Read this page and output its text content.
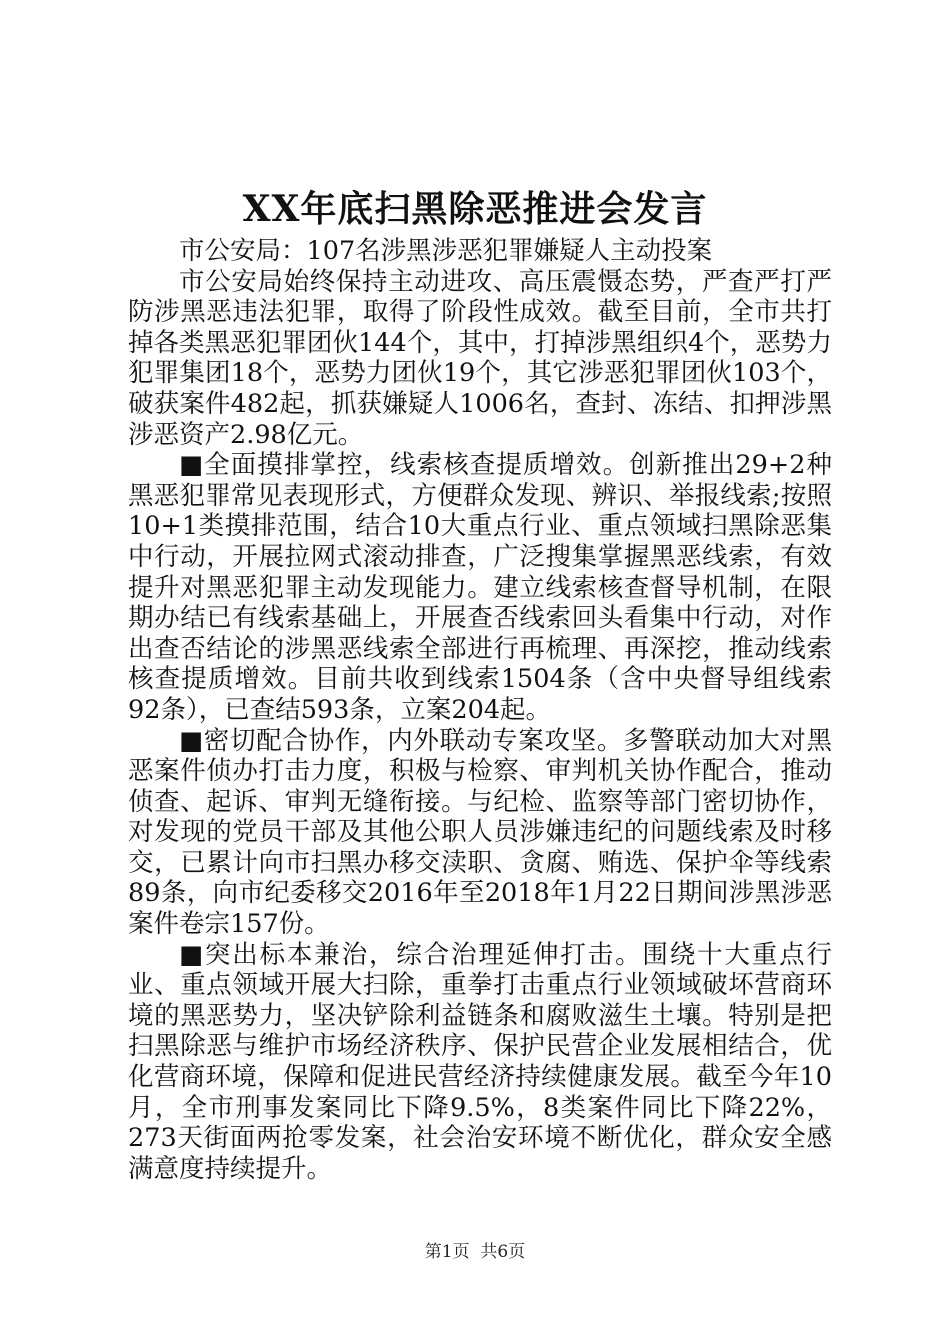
XX年底扫黑除恶推进会发言

市公安局：107名涉黑涉恶犯罪嫌疑人主动投案

市公安局始终保持主动进攻、高压震慑态势，严查严打严防涉黑恶违法犯罪，取得了阶段性成效。截至目前，全市共打掉各类黑恶犯罪团伙144个，其中，打掉涉黑组织4个，恶势力犯罪集团18个，恶势力团伙19个，其它涉恶犯罪团伙103个，破获案件482起，抓获嫌疑人1006名，查封、冻结、扣押涉黑涉恶资产2.98亿元。

■全面摸排掌控，线索核查提质增效。创新推出29+2种黑恶犯罪常见表现形式，方便群众发现、辨识、举报线索;按照10+1类摸排范围，结合10大重点行业、重点领域扫黑除恶集中行动，开展拉网式滚动排查，广泛搜集掌握黑恶线索，有效提升对黑恶犯罪主动发现能力。建立线索核查督导机制，在限期办结已有线索基础上，开展查否线索回头看集中行动，对作出查否结论的涉黑恶线索全部进行再梳理、再深挖，推动线索核查提质增效。目前共收到线索1504条（含中央督导组线索92条），已查结593条，立案204起。

■密切配合协作，内外联动专案攻坚。多警联动加大对黑恶案件侦办打击力度，积极与检察、审判机关协作配合，推动侦查、起诉、审判无缝衔接。与纪检、监察等部门密切协作，对发现的党员干部及其他公职人员涉嫌违纪的问题线索及时移交，已累计向市扫黑办移交渎职、贪腐、贿选、保护伞等线索89条，向市纪委移交2016年至2018年1月22日期间涉黑涉恶案件卷宗157份。

■突出标本兼治，综合治理延伸打击。围绕十大重点行业、重点领域开展大扫除，重拳打击重点行业领域破坏营商环境的黑恶势力，坚决铲除利益链条和腐败滋生土壤。特别是把扫黑除恶与维护市场经济秩序、保护民营企业发展相结合，优化营商环境，保障和促进民营经济持续健康发展。截至今年10月，全市刑事发案同比下降9.5%，8类案件同比下降22%，273天街面两抢零发案，社会治安环境不断优化，群众安全感满意度持续提升。

第1页 共6页
